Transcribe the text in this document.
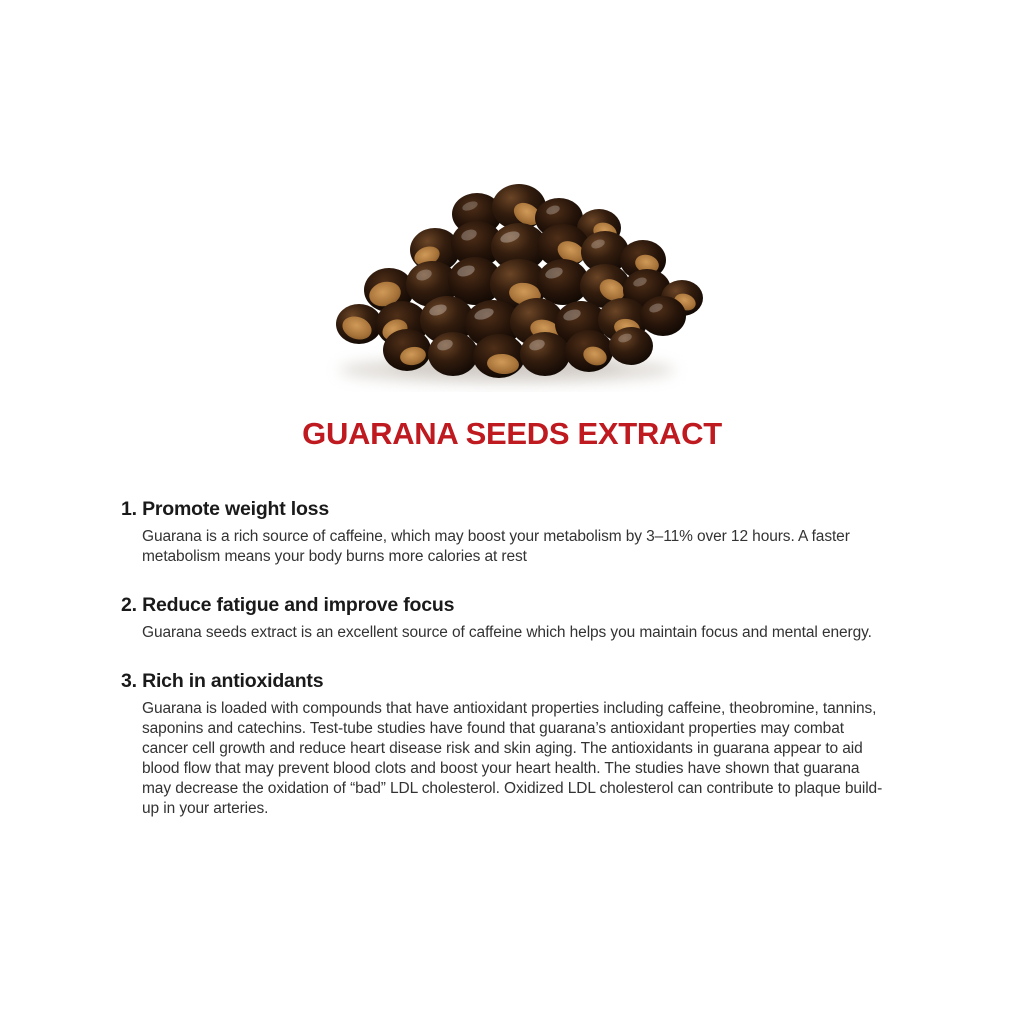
GUARANA SEEDS EXTRACT
1. Promote weight loss

Guarana is a rich source of caffeine, which may boost your metabolism by 3–11% over 12 hours. A faster metabolism means your body burns more calories at rest

2. Reduce fatigue and improve focus

Guarana seeds extract is an excellent source of caffeine which helps you maintain focus and mental energy.

3. Rich in antioxidants

Guarana is loaded with compounds that have antioxidant properties including caffeine, theobromine, tannins, saponins and catechins. Test-tube studies have found that guarana’s antioxidant properties may combat cancer cell growth and reduce heart disease risk and skin aging. The antioxidants in guarana appear to aid blood flow that may prevent blood clots and boost your heart health. The studies have shown that guarana may decrease the oxidation of “bad” LDL cholesterol. Oxidized LDL cholesterol can contribute to plaque build-up in your arteries.
